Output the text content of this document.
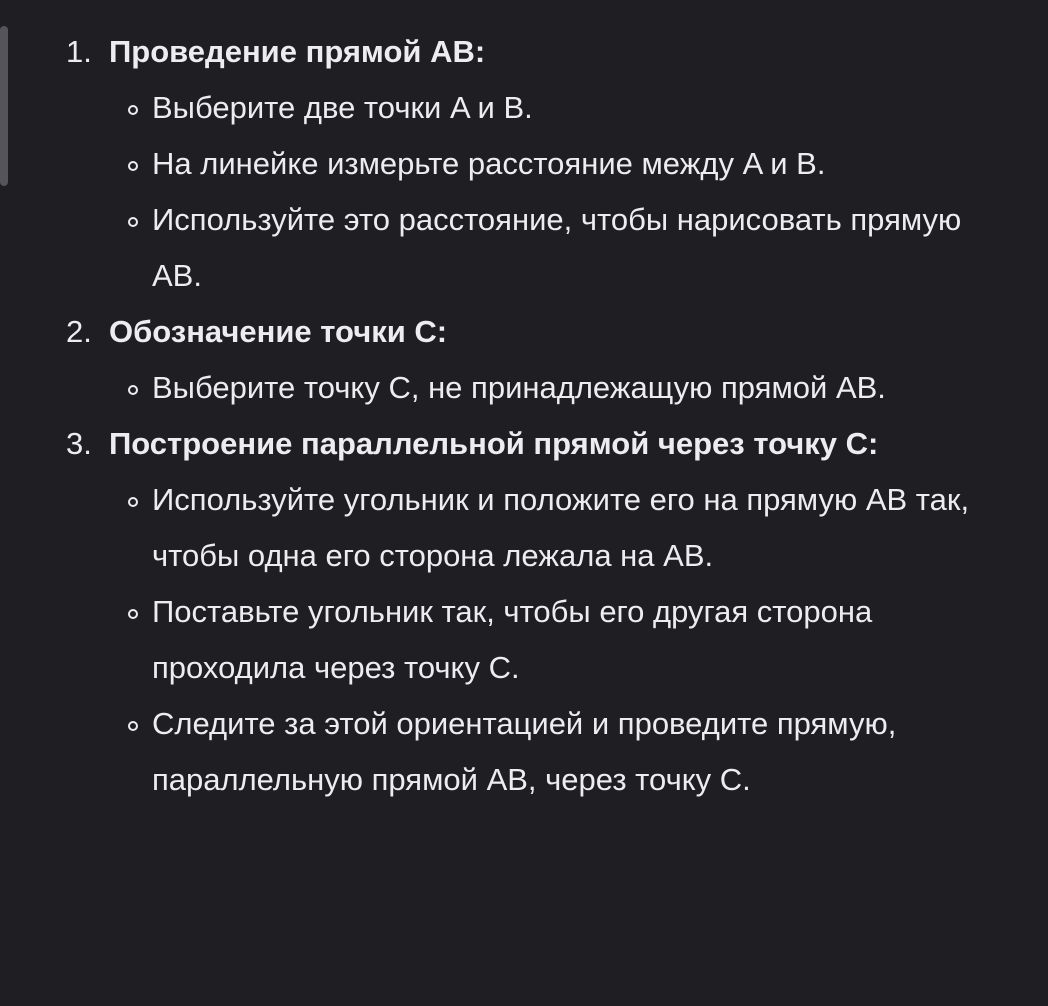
1. Проведение прямой AB:
Выберите две точки A и B.
На линейке измерьте расстояние между A и B.
Используйте это расстояние, чтобы нарисовать прямую AB.
2. Обозначение точки C:
Выберите точку C, не принадлежащую прямой AB.
3. Построение параллельной прямой через точку C:
Используйте угольник и положите его на прямую AB так, чтобы одна его сторона лежала на AB.
Поставьте угольник так, чтобы его другая сторона проходила через точку C.
Следите за этой ориентацией и проведите прямую, параллельную прямой AB, через точку C.
